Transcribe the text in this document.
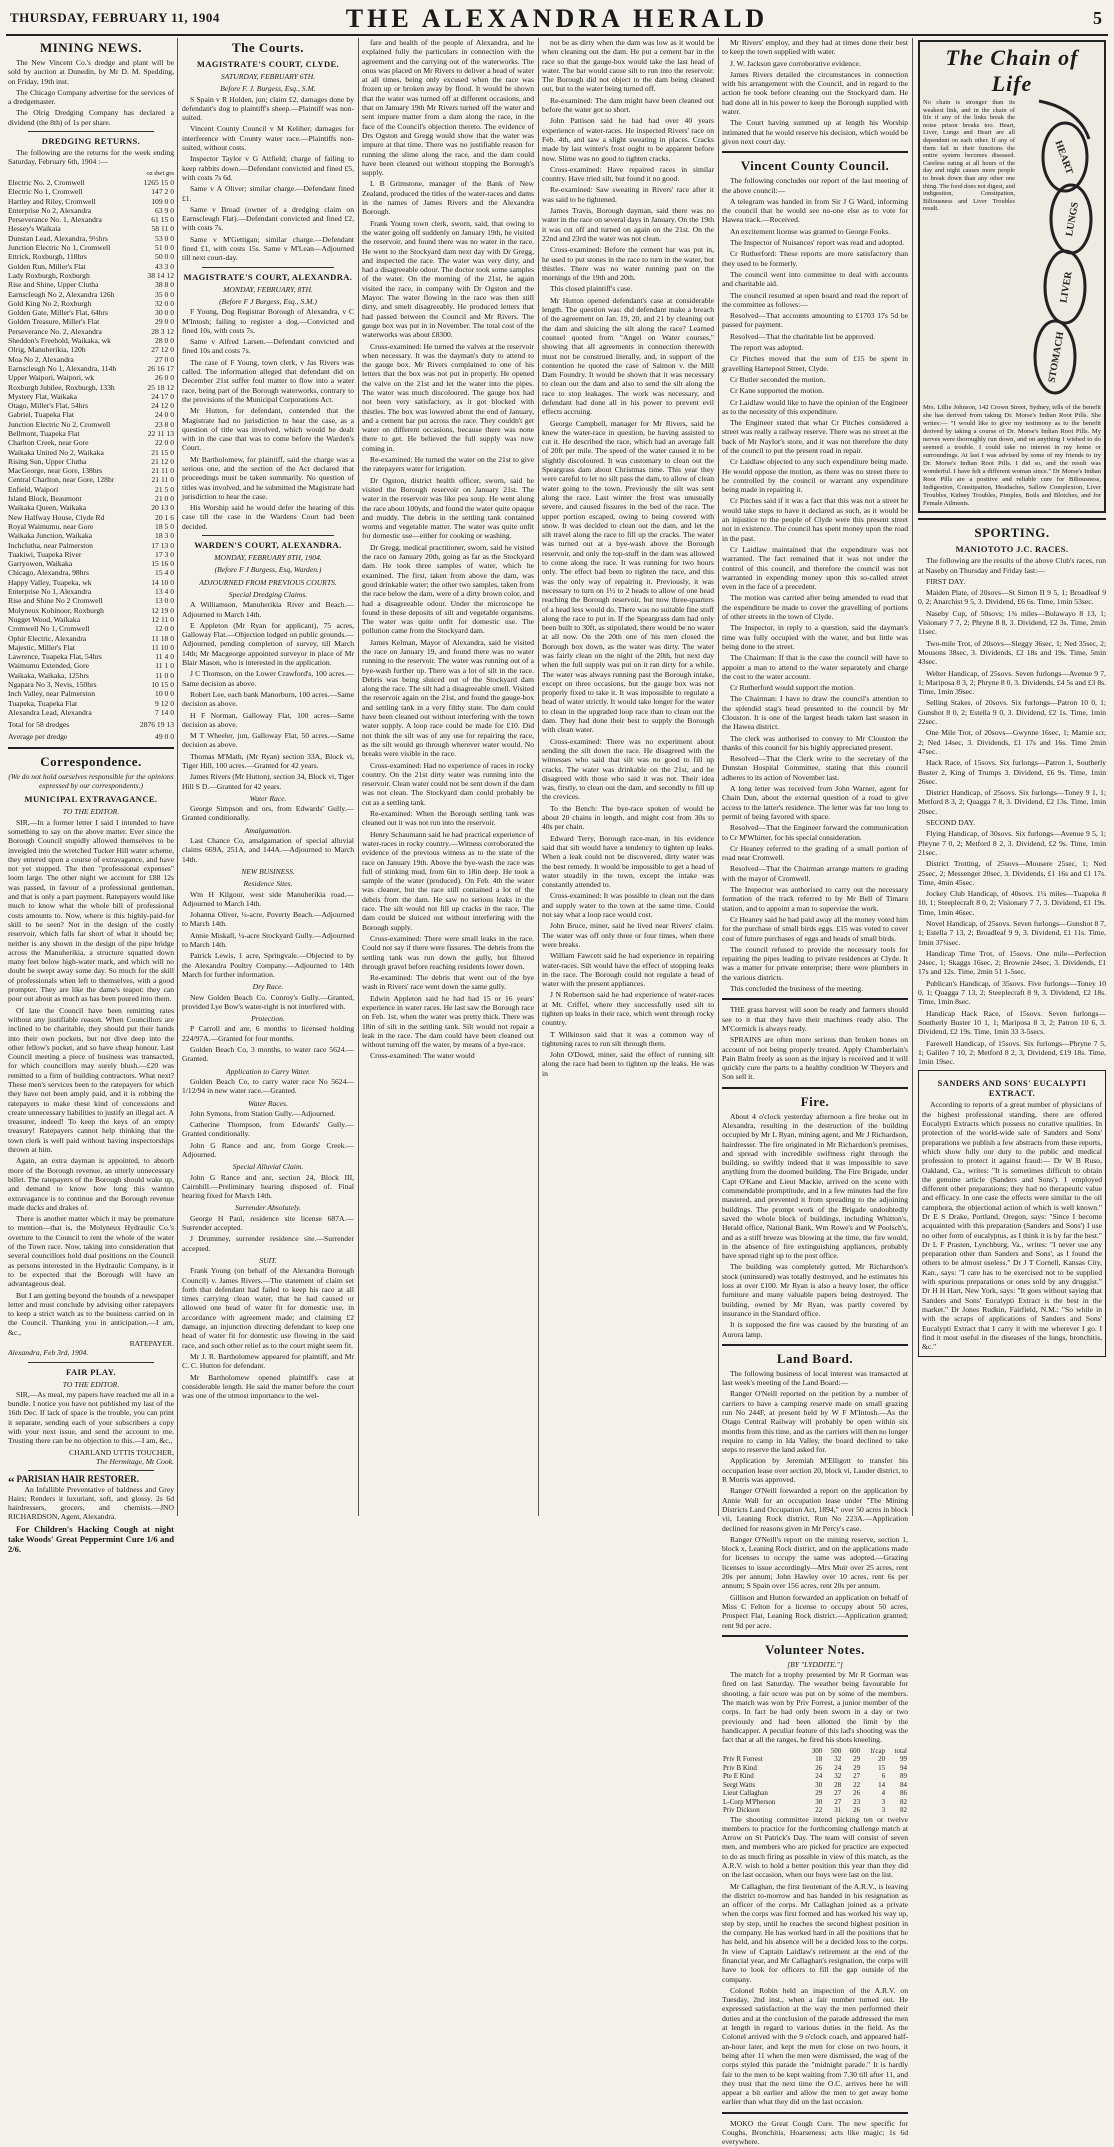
THURSDAY, FEBRUARY 11, 1904	THE ALEXANDRA HERALD	5
MINING NEWS.

The New Vincent Co.'s dredge and plant will be sold by auction at Dunedin, by Mr D. M. Spedding, on Friday, 19th inst.

The Chicago Company advertise for the services of a dredgemaster.

The Olrig Dredging Company has declared a dividend (the 8th) of 1s per share.

DREDGING RETURNS.

The following are the returns for the week ending Saturday, February 6th, 1904 :—

oz dwt grs
Electric No. 2, Cromwell	1265 15 0
Electric No 1, Cromwell	147 2 0
Hartley and Riley, Cromwell	109 0 0
Enterprise No 2, Alexandra	63 9 0
Perseverance No. 1, Alexandra	61 15 0
Hessey's Waikaia	58 11 0
Dunstan Lead, Alexandra, 9½hrs	53 0 0
Junction Electric No 1, Cromwell	51 0 0
Ettrick, Roxburgh, 118hrs	50 0 0
Golden Run, Miller's Flat	43 3 0
Lady Roxburgh, Roxburgh	38 14 12
Rise and Shine, Upper Clutha	38 8 0
Earnscleugh No 2, Alexandra 126h	35 0 0
Gold King No 2, Roxburgh	32 0 0
Golden Gate, Miller's Flat, 64hrs	30 0 0
Golden Treasure, Miller's Flat	29 0 0
Perseverance No. 2, Alexandra	28 3 12
Sheddon's Freehold, Waikaka, wk	28 0 0
Olrig, Manuherikia, 120h	27 12 0
Moa No 2, Alexandra	27 0 0
Earnscleugh No 1, Alexandra, 114h	26 16 17
Upper Waipori, Waipori, wk	26 0 0
Roxburgh Jubilee, Roxburgh, 133h	25 18 12
Mystery Flat, Waikaka	24 17 0
Otago, Miller's Flat, 54hrs	24 12 0
Gabriel, Tuapeka Flat	24 0 0
Junction Electric No 2, Cromwell	23 8 0
Bellmont, Tuapeka Flat	22 11 13
Charlton Creek, near Gore	22 0 0
Waikaka United No 2, Waikaka	21 15 0
Rising Sun, Upper Clutha	21 12 0
MacGeorge, near Gore, 138hrs	21 11 0
Central Charlton, near Gore, 128hr	21 11 0
Enfield, Waipori	21 5 0
Island Block, Beaumont	21 0 0
Waikaka Queen, Waikaka	20 13 0
New Halfway House, Clyde Rd	20 1 6
Royal Waimumu, near Gore	18 5 0
Waikaka Junction, Waikaka	18 3 0
Inchclutha, near Palmerston	17 13 0
Tuakiwi, Tuapeka River	17 3 0
Garryowen, Waikaka	15 16 0
Chicago, Alexandra, 98hrs	15 4 0
Happy Valley, Tuapeka, wk	14 10 0
Enterprise No 1, Alexandra	13 4 0
Rise and Shine No 2 Cromwell	13 0 0
Molyneux Kohinoor, Roxburgh	12 19 0
Nugget Wood, Waikaka	12 11 0
Cromwell No 1, Cromwell	12 0 0
Ophir Electric, Alexandra	11 18 0
Majestic, Miller's Flat	11 10 0
Lawrence, Tuapeka Flat, 54hrs	11 4 0
Waimumu Extended, Gore	11 1 0
Waikaka, Waikaka, 125hrs	11 0 0
Ngapara No 3, Nevis, 150hrs	10 15 0
Inch Valley, near Palmerston	10 0 0
Tuapeka, Tuapeka Flat	9 12 0
Alexandra Lead, Alexandra	7 14 0
Total for 58 dredges	2876 19 13
Average per dredge	49 0 0
Correspondence.
(We do not hold ourselves responsible for the opinions expressed by our correspondents.)
MUNICIPAL EXTRAVAGANCE.
TO THE EDITOR.

SIR,—In a former letter I said I intended to have something to say on the above matter. Ever since the Borough Council stupidly allowed themselves to be inveigled into the wretched Tucker Hill water scheme, they entered upon a course of extravagance, and have not yet stopped. The then "professional expenses" loom large. The other night we account for £88 12s was passed, in favour of a professional gentleman, and that is only a part payment. Ratepayers would like much to know what the whole bill of professional costs amounts to. Now, where is this highly-paid-for skill to be seen? Not in the design of the costly reservoir, which falls far short of what it should be; neither is any shown in the design of the pipe bridge across the Manuherikia, a structure squatted down many feet below high-water mark, and which will no doubt be swept away some day. So much for the skill of professionals when left to themselves, with a good prompter. They are like the dame's teapot: they can pour out about as much as has been poured into them.

Of late the Council have been remitting rates without any justifiable reason. When Councillors are inclined to be charitable, they should put their hands into their own pockets, but not dive deep into the other fellow's pocket, and so have cheap honour. Last Council meeting a piece of business was transacted, for which councillors may surely blush.—£20 was remitted to a firm of building contractors. What next? These men's services been to the ratepayers for which they have not been amply paid, and it is robbing the ratepayers to make these kind of concessions and create unnecessary liabilities to justify an illegal act. A treasurer, indeed! To keep the keys of an empty treasury! Ratepayers cannot help thinking that the town clerk is well paid without having inspectorships thrown at him.

Again, an extra dayman is appointed, to absorb more of the Borough revenue, an utterly unnecessary billet. The ratepayers of the Borough should wake up, and demand to know how long this wanton extravagance is to continue and the Borough revenue made ducks and drakes of.

There is another matter which it may be premature to mention—that is, the Molyneux Hydraulic Co.'s overture to the Council to rent the whole of the water of the Town race. Now, taking into consideration that several councillors hold dual positions on the Council as persons interested in the Hydraulic Company, is it to be expected that the Borough will have an advantageous deal.

But I am getting beyond the bounds of a newspaper letter and must conclude by advising other ratepayers to keep a strict watch as to the business carried on in the Council. Thanking you in anticipation.—I am, &c.,

RATEPAYER.
Alexandra, Feb 3rd, 1904.
FAIR PLAY.
TO THE EDITOR.

SIR,—As meal, my papers have reached me all in a bundle. I notice you have not published my last of the 16th Dec. If lack of space is the trouble, you can print it separate, sending each of your subscribers a copy with your next issue, and send the account to me. Trusting there can be no objection to this.—I am, &c.,

CHARLAND UTTIS TOUCHER,
The Hermitage, Mt Cook.
“ PARISIAN HAIR RESTORER.

An Infallible Preventative of baldness and Grey Hairs; Renders it luxuriant, soft, and glossy. 2s 6d hairdressers, grocers, and chemists.—JNO RICHARDSON, Agent, Alexandra.

For Children's Hacking Cough at night take Woods' Great Peppermint Cure 1/6 and 2/6.

The Courts.
MAGISTRATE'S COURT, CLYDE.
SATURDAY, FEBRUARY 6TH.
Before F. J. Burgess, Esq., S.M.

S Spain v R Holden, jun; claim £2, damages done by defendant's dog to plaintiff's sheep.—Plaintiff was non-suited.

Vincent County Council v M Keliher; damages for interference with County water race.—Plaintiffs non-suited, without costs.

Inspector Taylor v G Attfield; charge of failing to keep rabbits down.—Defendant convicted and fined £5, with costs 7s 6d.

Same v A Oliver; similar charge.—Defendant fined £1.

Same v Broad (owner of a dredging claim on Earnscleugh Flat).—Defendant convicted and fined £2, with costs 7s.

Same v M'Gettigan; similar charge.—Defendant fined £1, with costs 15s. Same v M'Lean—Adjourned till next court-day.

MAGISTRATE'S COURT, ALEXANDRA.
MONDAY, FEBRUARY, 8TH.
(Before F J Burgess, Esq., S.M.)

F Young, Dog Registrar Borough of Alexandra, v C M'Intosh; failing to register a dog.—Convicted and fined 10s, with costs 7s.

Same v Alfred Larsen.—Defendant convicted and fined 10s and costs 7s.

The case of F Young, town clerk, v Jas Rivers was called. The information alleged that defendant did on December 21st suffer foul matter to flow into a water race, being part of the Borough waterworks, contrary to the provisions of the Municipal Corporations Act.

Mr Hutton, for defendant, contended that the Magistrate had no jurisdiction to hear the case, as a question of title was involved, which would be dealt with in the case that was to come before the Warden's Court.

Mr Bartholomew, for plaintiff, said the charge was a serious one, and the section of the Act declared that proceedings must be taken summarily. No question of titles was involved, and he submitted the Magistrate had jurisdiction to hear the case.

His Worship said he would defer the hearing of this case till the case in the Wardens Court had been decided.

WARDEN'S COURT, ALEXANDRA.
MONDAY, FEBRUARY 8TH, 1904.
(Before F J Burgess, Esq, Warden.)
ADJOURNED FROM PREVIOUS COURTS.
Special Dredging Claims.

A Williamson, Manuherikia River and Beach.—Adjourned to March 14th.

E Appleton (Mr Ryan for applicant), 75 acres, Galloway Flat.—Objection lodged on public grounds.—Adjourned, pending completion of survey, till March 14th; Mr Macgeorge appointed surveyor in place of Mr Blair Mason, who is interested in the application.

J C Thomson, on the Lower Crawford's, 100 acres.—Same decision as above.

Robert Lee, each bank Manorburn, 100 acres.—Same decision as above.

H F Norman, Galloway Flat, 100 acres—Same decision as above.

M T Wheeler, jun, Galloway Flat, 50 acres.—Same decision as above.

Thomas M'Math, (Mr Ryan) section 33A, Block vi, Tiger Hill, 100 acres.—Granted for 42 years.

James Rivers (Mr Hutton), section 34, Block vi, Tiger Hill S D.—Granted for 42 years.

Water Race.

George Simpson and ors, from Edwards' Gully.—Granted conditionally.

Amalgamation.

Last Chance Co, amalgamation of special alluvial claims 669A, 251A, and 144A.—Adjourned to March 14th.

NEW BUSINESS.
Residence Sites.

Wm H Kilgour, west side Manuherikia road.—Adjourned to March 14th.

Johanna Oliver, ¼-acre, Poverty Beach.—Adjourned to March 14th.

Annie Miskall, ¼-acre Stockyard Gully.—Adjourned to March 14th.

Patrick Lewis, 1 acre, Springvale.—Objected to by the Alexandra Poultry Company.—Adjourned to 14th March for further information.

Dry Race.

New Golden Beach Co. Conroy's Gully.—Granted, provided Lye Bow's water-right is not interfered with.

Protection.

P Carroll and anr, 6 months to licensed holding 224/97A.—Granted for four months.

Golden Beach Co, 3 months, to water race 5624.—Granted.

Application to Carry Water.

Golden Beach Co, to carry water race No 5624—1/12/94 in new water race.—Granted.

Water Races.

John Symons, from Station Gully.—Adjourned.

Catherine Thompson, from Edwards' Gully.—Granted conditionally.

John G Rance and anr, from Gorge Creek.—Adjourned.

Special Alluvial Claim.

John G Rance and anr, section 24, Block III, Cairnhill.—Preliminary hearing disposed of. Final hearing fixed for March 14th.

Surrender Absolutely.

George H Paul, residence site license 687A.—Surrender accepted.

J Drummey, surrender residence site.—Surrender accepted.

SUIT.

Frank Young (on behalf of the Alexandra Borough Council) v. James Rivers.—The statement of claim set forth that defendant had failed to keep his race at all times carrying clean water, that he had caused or allowed one head of water fit for domestic use, in accordance with agreement made; and claiming £2 damage, an injunction directing defendant to keep one head of water fit for domestic use flowing in the said race, and such other relief as to the court might seem fit.

Mr J. R. Bartholomew appeared for plaintiff, and Mr C. C. Hutton for defendant.

Mr Bartholomew opened plaintiff's case at considerable length. He said the matter before the court was one of the utmost importance to the wel-

fare and health of the people of Alexandra, and he explained fully the particulars in connection with the agreement and the carrying out of the waterworks. The onus was placed on Mr Rivers to deliver a head of water at all times, being only excused when the race was frozen up or broken away by flood. It would be shown that the water was turned off at different occasions, and that on January 19th Mr Rivers turned off the water and sent impure matter from a dam along the race, in the face of the Council's objection thereto. The evidence of Drs Ogston and Gregg would show that the water was impure at that time. There was no justifiable reason for running the slime along the race, and the dam could have been cleaned out without stopping the Borough's supply.

L B Grimstone, manager of the Bank of New Zealand, produced the titles of the water-races and dams in the names of James Rivers and the Alexandra Borough.

Frank Young town clerk, sworn, said, that owing to the water going off suddenly on January 19th, he visited the reservoir, and found there was no water in the race. He went to the Stockyard dam next day with Dr Gregg, and inspected the race. The water was very dirty, and had a disagreeable odour. The doctor took some samples of the water. On the morning of the 21st, he again visited the race, in company with Dr Ogston and the Mayor. The water flowing in the race was then still dirty, and smelt disagreeably. He produced letters that had passed between the Council and Mr Rivers. The gauge box was put in in November. The total cost of the waterworks was about £8300.

Cross-examined: He turned the valves at the reservoir when necessary. It was the dayman's duty to attend to the gauge box. Mr Rivers complained to one of his letters that the box was not put in properly. He opened the valve on the 21st and let the water into the pipes. The water was much discoloured. The gauge box had not been very satisfactory, as it got blocked with thistles. The box was lowered about the end of January, and a cement bar put across the race. They couldn't get water on different occasions, because there was none there to get. He believed the full supply was now coming in.

Re-examined: He turned the water on the 21st to give the ratepayers water for irrigation.

Dr Ogston, district health officer, sworn, said he visited the Borough reservoir on January 21st. The water in the reservoir was like pea soup. He went along the race about 100yds, and found the water quite opaque and muddy. The debris in the settling tank contained worms and vegetable matter. The water was quite unfit for domestic use—either for cooking or washing.

Dr Gregg, medical practitioner, sworn, said he visited the race on January 20th, going as far as the Stockyard dam. He took three samples of water, which he examined. The first, taken from above the dam, was good drinkable water; the other two samples, taken from the race below the dam, were of a dirty brown color, and had a disagreeable odour. Under the microscope he found in these deposits of silt and vegetable organisms. The water was quite unfit for domestic use. The pollution came from the Stockyard dam.

James Kelman, Mayor of Alexandra, said he visited the race on January 19, and found there was no water running to the reservoir. The water was running out of a bye-wash further up. There was a lot of silt in the race. Debris was being sluiced out of the Stockyard dam along the race. The silt had a disagreeable smell. Visited the reservoir again on the 21st, and found the gauge-box and settling tank in a very filthy state. The dam could have been cleaned out without interfering with the town water supply. A loop race could be made for £10. Did not think the silt was of any use for repairing the race, as the silt would go through wherever water would. No breaks were visible in the race.

Cross-examined: Had no experience of races in rocky country. On the 21st dirty water was running into the reservoir. Clean water could not be sent down if the dam was not clean. The Stockyard dam could probably be cut as a settling tank.

Re-examined: When the Borough settling tank was cleaned out it was not run into the reservoir.

Henry Schaumann said he had practical experience of water-races in rocky country.—Witness corroborated the evidence of the previous witness as to the state of the race on January 19th. Above the bye-wash the race was full of stinking mud, from 6in to 18in deep. He took a sample of the water (produced). On Feb. 4th the water was cleaner, but the race still contained a lot of the debris from the dam. He saw no serious leaks in the race. The silt would not fill up cracks in the race. The dam could be sluiced out without interfering with the Borough supply.

Cross-examined: There were small leaks in the race. Could not say if there were fissures. The debris from the settling tank was run down the gully, but filtered through gravel before reaching residents lower down.

Re-examined: The debris that went out of the bye wash in Rivers' race went down the same gully.

Edwin Appleton said he had had 15 or 16 years' experience in water races. He last saw the Borough race on Feb. 1st, when the water was pretty thick. There was 18in of silt in the settling tank. Silt would not repair a leak in the race. The dam could have been cleaned out without turning off the water, by means of a bye-race.

Cross-examined: The water would

not be as dirty when the dam was low as it would be when cleaning out the dam. He put a cement bar in the race so that the gauge-box would take the last head of water. The bar would cause silt to run into the reservoir. The Borough did not object to the dam being cleaned out, but to the water being turned off.

Re-examined: The dam might have been cleaned out before the water got so short.

John Pattison said he had had over 40 years experience of water-races. He inspected Rivers' race on Feb. 4th, and saw a slight sweating in places. Cracks made by last winter's frost ought to be apparent before now. Slime was no good to tighten cracks.

Cross-examined: Have repaired races in similar country. Have tried silt, but found it no good.

Re-examined: Saw sweating in Rivers' race after it was said to be tightened.

James Travis, Borough dayman, said there was no water in the race on several days in January. On the 19th it was cut off and turned on again on the 21st. On the 22nd and 23rd the water was not clean.

Cross-examined: Before the cement bar was put in, he used to put stones in the race to turn in the water, but thistles. There was no water running past on the mornings of the 19th and 20th.

This closed plaintiff's case.

Mr Hutton opened defendant's case at considerable length. The question was: did defendant make a breach of the agreement on Jan. 19, 20, and 21 by cleaning out the dam and sluicing the silt along the race? Learned counsel quoted from "Angel on Water courses," showing that all agreements in connection therewith must not be construed literally, and, in support of the contention he quoted the case of Salmon v. the Mill Dam Foundry. It would be shown that it was necessary to clean out the dam and also to send the silt along the race to stop leakages. The work was necessary, and defendant had done all in his power to prevent evil effects accruing.

George Campbell, manager for Mr Rivers, said he knew the water-race in question, he having assisted to cut it. He described the race, which had an average fall of 20ft per mile. The speed of the water caused it to be slightly discoloured. It was customary to clean out the Speargrass dam about Christmas time. This year they were careful to let no silt pass the dam, to allow of clean water going to the town. Previously the silt was sent along the race. Last winter the frost was unusually severe, and caused fissures in the bed of the race. The upper portion escaped, owing to being covered with snow. It was decided to clean out the dam, and let the silt travel along the race to fill up the cracks. The water was turned out at a bye-wash above the Borough reservoir, and only the top-stuff in the dam was allowed to come along the race. It was running for two hours only. The effect had been to tighten the race, and this was the only way of repairing it. Previously, it was necessary to turn on 1½ to 2 heads to allow of one head reaching the Borough reservoir, but now three-quarters of a head less would do. There was no suitable fine stuff along the race to put in. If the Speargrass dam had only been built to 30ft, as stipulated, there would be no water at all now. On the 20th one of his men closed the Borough box down, as the water was dirty. The water was fairly clean on the night of the 20th, but next day when the full supply was put on it ran dirty for a while. The water was always running past the Borough intake, except on three occasions, but the gauge box was not properly fixed to take it. It was impossible to regulate a head of water strictly. It would take longer for the water to clean in the upgraded loop race than to clean out the dam. They had done their best to supply the Borough with clean water.

Cross-examined: There was no experiment about sending the silt down the race. He disagreed with the witnesses who said that silt was no good to fill up cracks. The water was drinkable on the 21st, and he disagreed with those who said it was not. Their idea was, firstly, to clean out the dam, and secondly to fill up the crevices.

To the Bench: The bye-race spoken of would be about 20 chains in length, and might cost from 30s to 40s per chain.

Edward Terry, Borough race-man, in his evidence said that silt would have a tendency to tighten up leaks. When a leak could not be discovered, dirty water was the best remedy. It would be impossible to get a head of water steadily in the town, except the intake was constantly attended to.

Cross-examined: It was possible to clean out the dam and supply water to the town at the same time. Could not say what a loop race would cost.

John Bruce, miner, said he lived near Rivers' claim. The water was off only three or four times, when there were breaks.

William Fawcett said he had experience in repairing water-races. Silt would have the effect of stopping leaks in the race. The Borough could not regulate a head of water with the present appliances.

J N Robertson said he had experience of water-races at Mt. Criffel, where they successfully used silt to tighten up leaks in their race, which went through rocky country.

T Wilkinson said that it was a common way of tightening races to run silt through them.

John O'Dowd, miner, said the effect of running silt along the race had been to tighten up the leaks. He was in

Mr Rivers' employ, and they had at times done their best to keep the town supplied with water.

J. W. Jackson gave corroborative evidence.

James Rivers detailed the circumstances in connection with his arrangement with the Council, and in regard to the action he took before cleaning out the Stockyard dam. He had done all in his power to keep the Borough supplied with water.

The Court having summed up at length his Worship intimated that he would reserve his decision, which would be given next court day.

Vincent County Council.

The following concludes our report of the last meeting of the above council:—

A telegram was handed in from Sir J G Ward, informing the council that he would see no-one else as to vote for Hawea track.—Received.

An excitement license was granted to George Fooks.

The Inspector of Nuisances' report was read and adopted.

Cr Rutherford: These reports are more satisfactory than they used to be formerly.

The council went into committee to deal with accounts and charitable aid.

The council resumed at open board and read the report of the committee as follows:—

Resolved—That accounts amounting to £1703 17s 5d be passed for payment.

Resolved—That the charitable list be approved.

The report was adopted.

Cr Pitches moved that the sum of £15 be spent in gravelling Hartepool Street, Clyde.

Cr Butler seconded the motion.

Cr Kane supported the motion.

Cr Laidlaw would like to have the opinion of the Engineer as to the necessity of this expenditure.

The Engineer stated that what Cr Pitches considered a street was really a railway reserve. There was no street at the back of Mr Naylor's store, and it was not therefore the duty of the council to put the present road in repair.

Cr Laidlaw objected to any such expenditure being made. He would oppose the motion, as there was no street there to be controlled by the council or warrant any expenditure being made in repairing it.

Cr Pitches said if it was a fact that this was not a street he would take steps to have it declared as such, as it would be an injustice to the people of Clyde were this present street not in existence. The council has spent money upon the road in the past.

Cr Laidlaw maintained that the expenditure was not warranted. The fact remained that it was not under the control of this council, and therefore the council was not warranted in expending money upon this so-called street even in the face of a precedent.

The motion was carried after being amended to read that the expenditure be made to cover the gravelling of portions of other streets in the town of Clyde.

The Inspector, in reply to a question, said the dayman's time was fully occupied with the water, and but little was being done to the street.

The Chairman: If that is the case the council will have to appoint a man to attend to the water separately and charge the cost to the water account.

Cr Rutherford would support the motion.

The Chairman: I have to draw the council's attention to the splendid stag's head presented to the council by Mr Clouston. It is one of the largest heads taken last season in the Hawea district.

The clerk was authorised to convey to Mr Clouston the thanks of this council for his highly appreciated present.

Resolved—That the Clerk write to the secretary of the Dunstan Hospital Committee, stating that this council adheres to its action of November last.

A long letter was received from John Warner, agent for Chain Dun, about the external question of a road to give access to the latter's residence. The letter was far too long to permit of being favored with space.

Resolved—That the Engineer forward the communication to Cr M'Whirter, for his special consideration.

Cr Heaney referred to the grading of a small portion of road near Cromwell.

Resolved—That the Chairman arrange matters re grading with the mayor of Cromwell.

The Inspector was authorised to carry out the necessary formation of the track referred to by Mr Bell of Timaru station, and to appoint a man to supervise the work.

Cr Heaney said he had paid away all the money voted him for the purchase of small birds eggs. £15 was voted to cover cost of future purchases of eggs and heads of small birds.

The council refused to provide the necessary tools for repairing the pipes leading to private residences at Clyde. It was a matter for private enterprise; there were plumbers in the various districts.

This concluded the business of the meeting.

THE grass harvest will soon be ready and farmers should see to it that they have their machines ready also. The M'Cormick is always ready.

SPRAINS are often more serious than broken bones on account of not being properly treated. Apply Chamberlain's Pain Balm freely as soon as the injury is received and it will quickly cure the parts to a healthy condition W Theyers and Son sell it.

Fire.

About 4 o'clock yesterday afternoon a fire broke out in Alexandra, resulting in the destruction of the building occupied by Mr L Ryan, mining agent, and Mr J Richardson, hairdresser. The fire originated in Mr Richardson's premises, and spread with incredible swiftness right through the building, so swiftly indeed that it was impossible to save anything from the doomed building. The Fire Brigade, under Capt O'Kane and Lieut Mackie, arrived on the scene with commendable promptitude, and in a few minutes had the fire mastered, and prevented it from spreading to the adjoining buildings. The prompt work of the Brigade undoubtedly saved the whole block of buildings, including Whitton's, Herald office, National Bank, Wm Rowe's and W Poolsch's, and as a stiff breeze was blowing at the time, the fire would, in the absence of fire extinguishing appliances, probably have spread right up to the post office.

The building was completely gutted, Mr Richardson's stock (uninsured) was totally destroyed, and he estimates his loss at over £100. Mr Ryan is also a heavy loser, the office furniture and many valuable papers being destroyed. The building, owned by Mr Ryan, was partly covered by insurance in the Standard office.

It is supposed the fire was caused by the bursting of an Aurora lamp.

Land Board.

The following business of local interest was transacted at last week's meeting of the Land Board:—

Ranger O'Neill reported on the petition by a number of carriers to have a camping reserve made on small grazing run No 244F, at present held by W F M'Intosh.—As the Otago Central Railway will probably be open within six months from this time, and as the carriers will then no longer require to camp in Ida Valley, the board declined to take steps to reserve the land asked for.

Application by Jeremiah M'Elligott to transfer his occupation lease over section 20, block vi, Lauder district, to R Morris was approved.

Ranger O'Neill forwarded a report on the application by Annie Wall for an occupation lease under "The Mining Districts Land Occupation Act, 1894," over 50 acres in block vii, Leaning Rock district, Run No 223A.—Application declined for reasons given in Mr Percy's case.

Ranger O'Neill's report on the mining reserve, section 1, block x, Leaning Rock district, and on the applications made for licenses to occupy the same was adopted.—Grazing licenses to issue accordingly—Mrs Muir over 25 acres, rent 20s per annum; John Hawley over 10 acres, rent 6s per annum; S Spain over 156 acres, rent 20s per annum.

Gillison and Hutton forwarded an application on behalf of Miss C Felton for a license to occupy about 50 acres, Prospect Flat, Leaning Rock district.—Application granted; rent 9d per acre.

Volunteer Notes.
[BY "LYDDITE."]

The match for a trophy presented by Mr R Gorman was fired on last Saturday. The weather being favourable for shooting, a fair score was put on by some of the members. The match was won by Priv Forrest, a junior member of the corps. In fact he had only been sworn in a day or two previously and had been allotted the limit by the handicapper. A peculiar feature of this lad's shooting was the fact that at all the ranges, he fired his shots kneeling.

	300	500	600	h'cap	total
Priv R Forrest	18	32	29	20	99
Priv B Kind	26	24	29	15	94
Pte E Kind	24	32	27	6	89
Sergt Watts	30	28	22	14	84
Lieut Callaghan	29	27	26	4	86
L-Corp M'Pherson	30	27	23	3	82
Priv Dickson	22	31	26	3	82

The shooting committee intend picking ten or twelve members to practice for the forthcoming challenge match at Arrow on St Patrick's Day. The team will consist of seven men, and members who are picked for practice are expected to do as much firing as possible in view of this match, as the A.R.V. wish to hold a better position this year than they did on the last occasion, when our boys were last on the list.

Mr Callaghan, the first lieutenant of the A.R.V., is leaving the district to-morrow and has handed in his resignation as an officer of the corps. Mr Callaghan joined as a private when the corps was first formed and has worked his way up, step by step, until he reaches the second highest position in the company. He has worked hard in all the positions that he has held, and his absence will be a decided loss to the corps. In view of Captain Laidlaw's retirement at the end of the financial year, and Mr Callaghan's resignation, the corps will have to look for officers to fill the gap outside of the company.

Colonel Robin held an inspection of the A.R.V. on Tuesday, 2nd inst., when a fair number turned out. He expressed satisfaction at the way the men performed their duties and at the conclusion of the parade addressed the men at length in regard to various duties in the field. As the Colonel arrived with the 9 o'clock coach, and appeared half-an-hour later, and kept the men for close on two hours, it being after 11 when the men were dismissed, the wag of the corps styled this parade the "midnight parade." It is hardly fair to the men to be kept waiting from 7.30 till after 11, and they trust that the next time the O.C. arrives here he will appear a bit earlier and allow the men to get away home earlier than what they did on the last occasion.

MOKO the Great Cough Cure. The new specific for Coughs, Bronchitis, Hoarseness; acts like magic; 1s 6d everywhere.

The Chain of Life
No chain is stronger than its weakest link, and in the chain of life if any of the links break the noise prison breaks too. Heart, Liver, Lungs and Heart are all dependent on each other. If any of them fail in their functions the entire system becomes diseased. Careless eating at all hours of the day and night causes more people to break down than any other one thing. The food does not digest, and indigestion, Constipation, Biliousness and Liver Troubles result.
HEART
LUNGS
LIVER
STOMACH
Mrs. Lillie Johnson, 142 Crown Street, Sydney, tells of the benefit she has derived from taking Dr. Morse's Indian Root Pills. She writes:— "I would like to give my testimony as to the benefit derived by taking a course of Dr. Morse's Indian Root Pills. My nerves were thoroughly run down, and on anything I wished to do seemed a trouble. I could take no interest in my home or surroundings. At last I was advised by some of my friends to try Dr. Morse's Indian Root Pills. I did so, and the result was wonderful. I have felt a different woman since." Dr Morse's Indian Root Pills are a positive and reliable cure for Biliousness, Indigestion, Constipation, Headaches, Sallow Complexion, Liver Troubles, Kidney Troubles, Pimples, Boils and Blotches, and for Female Ailments.
SPORTING.
MANIOTOTO J.C. RACES.

The following are the results of the above Club's races, run at Naseby on Thursday and Friday last:—

FIRST DAY.

Maiden Plate, of 20sovs—St Simon II 9 5, 1; Broadleaf 9 0, 2; Anarchist 9 5, 3. Dividend, £6 6s. Time, 1min 53sec.

Naseby Cup, of 50sovs; 1¾ miles—Bulawayo 8 13, 1; Visionary 7 7, 2; Phryne 8 8, 3. Dividend, £2 3s. Time, 2min 11sec.

Two-mile Trot, of 20sovs—Sleggy 36sec, 1; Ned 35sec, 2; Mousons 38sec, 3. Dividends, £2 18s and 19s. Time, 5min 43sec.

Welter Handicap, of 25sovs. Seven furlongs—Avenue 9 7, 1; Mariposa 8 3, 2; Phryne 8 0, 3. Dividends, £4 5s and £3 8s. Time, 1min 39sec.

Selling Stakes, of 20sovs. Six furlongs—Patron 10 0, 1; Gunshot 8 0, 2; Estella 9 0, 3. Dividend, £2 1s. Time, 1min 22sec.

One Mile Trot, of 20sovs—Gwynne 16sec, 1; Mamie scr, 2; Ned 14sec, 3. Dividends, £1 17s and 16s. Time 2min 47sec.

Hack Race, of 15sovs. Six furlongs—Patron 1, Southerly Buster 2, King of Trumps 3. Dividend, £6 9s. Time, 1min 26sec.

District Handicap, of 25sovs. Six furlongs—Toney 9 1, 1; Metford 8 3, 2; Quagga 7 8, 3. Dividend, £2 13s. Time, 1min 20sec.

SECOND DAY.

Flying Handicap, of 30sovs. Six furlongs—Avenue 9 5, 1; Phryne 7 0, 2; Metford 8 2, 3. Dividend, £2 9s. Time, 1min 21sec.

District Trotting, of 25sovs—Mousere 25sec, 1; Ned 25sec, 2; Messenger 20sec, 3. Dividends, £1 16s and £1 17s. Time, 4min 45sec.

Jockey Club Handicap, of 40sovs. 1¼ miles—Tuapeka 8 10, 1; Steeplecraft 8 0, 2; Visionary 7 7, 3. Dividend, £1 19s. Time, 1min 46sec.

Novel Handicap, of 25sovs. Seven furlongs—Gunshot 8 7, 1; Estella 7 13, 2; Broadleaf 9 9, 3. Dividend, £1 11s. Time, 1min 37¼sec.

Handicap Time Trot, of 15sovs. One mile—Perfection 24sec, 1; Skaggs 16sec, 2; Brownie 24sec, 3. Dividends, £1 17s and 12s. Time, 2min 51 1-5sec.

Publican's Handicap, of 35sovs. Five furlongs—Toney 10 0, 1; Quagga 7 13, 2; Steeplecraft 8 9, 3. Dividend, £2 18s. Time, 1min 8sec.

Handicap Hack Race, of 15sovs. Seven furlongs—Southerly Buster 10 1, 1; Mariposa 8 3, 2; Patron 10 6, 3. Dividend, £2 19s. Time, 1min 33 3-5secs.

Farewell Handicap, of 15sovs. Six furlongs—Phryne 7 5, 1; Galileo 7 10, 2; Metford 8 2, 3, Dividend, £19 18s. Time, 1min 19sec.

SANDERS AND SONS' EUCALYPTI EXTRACT.

According to reports of a great number of physicians of the highest professional standing, there are offered Eucalypti Extracts which possess no curative qualities. In protection of the world-wide sale of Sanders and Sons' preparations we publish a few abstracts from these reports, which show fully our duty to the public and medical profession to protect it against fraud:— Dr W B Ruso, Oakland, Ca., writes: "It is sometimes difficult to obtain the genuine article (Sanders and Sons'). I employed different other preparations; they had no therapeutic value and efficacy. In one case the effects were similar to the oil camphora, the objectional action of which is well known." Dr E S Drake, Portland, Oregon, says: "Since I become acquainted with this preparation (Sanders and Sons') I use no other form of eucalyptus, as I think it is by far the best." Dr L F Prasten, Lynchburg, Va., writes: "I never use any preparation other than Sanders and Sons', as I found the others to be almost useless." Dr J T Cornell, Kansas City, Kan., says: "I care has to be exercised not to be supplied with spurious preparations or ones sold by any druggist." Dr H H Hart, New York, says: "It goes without saying that Sanders and Sons' Eucalypti Extract is the best in the market." Dr Jones Rudkin, Fairfield, N.M.: "So while in with the scraps of applications of Sanders and Sons' Eucalypti Extract that I carry it with me wherever I go. I find it most useful in the diseases of the lungs, bronchitis, &c."
